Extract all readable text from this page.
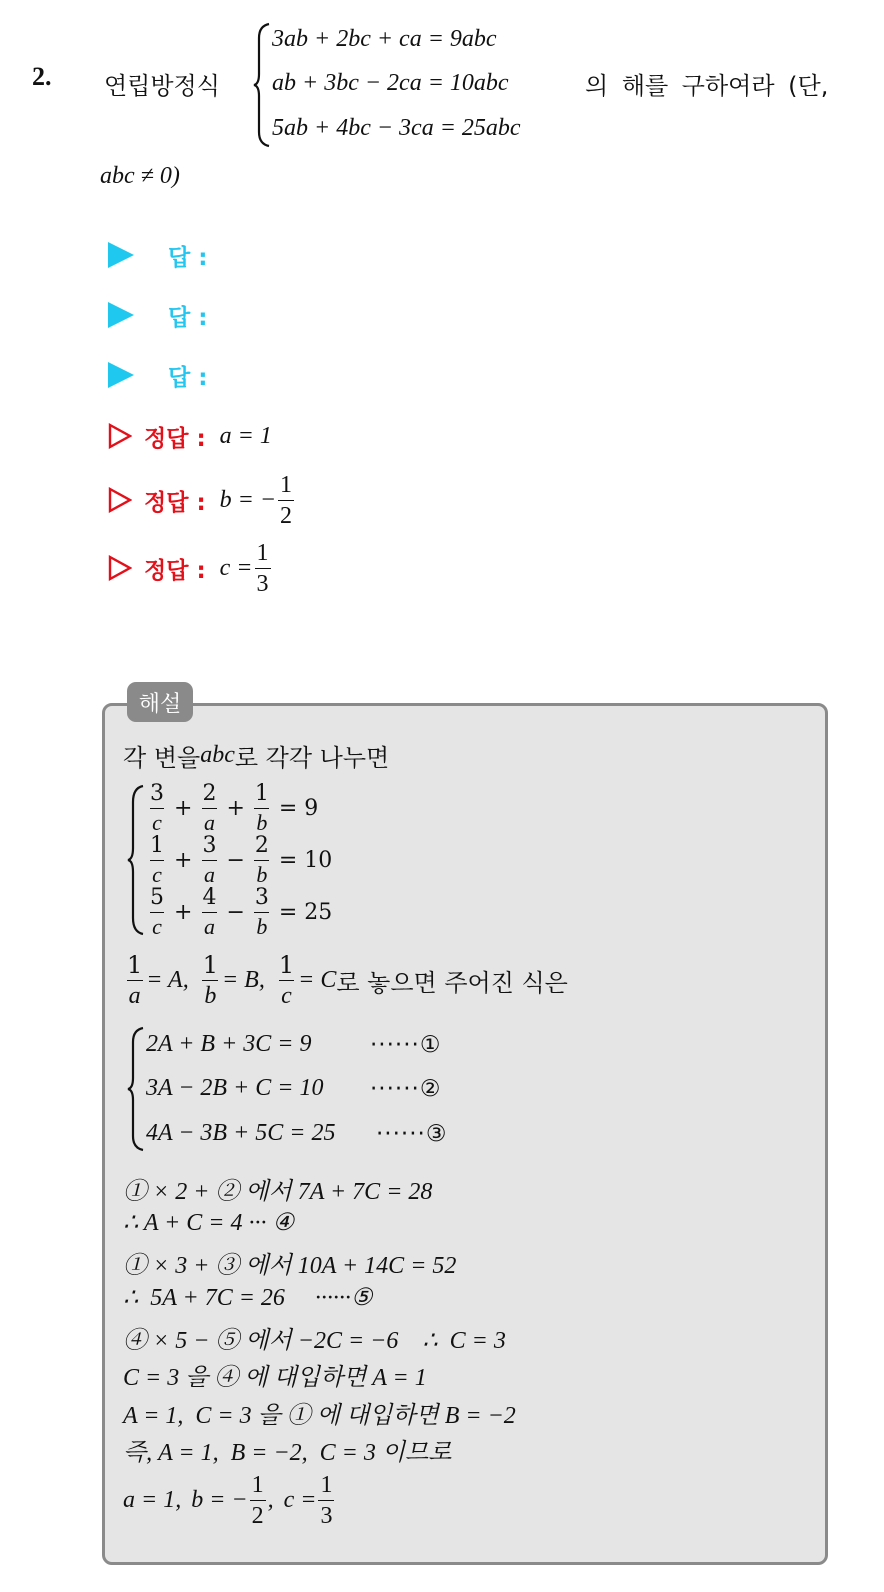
2. 연립방정식
3ab + 2bc + ca = 9abc
ab + 3bc − 2ca = 10abc
5ab + 4bc − 3ca = 25abc
의 해를 구하여라 (단,
abc ≠ 0)
답 :
답 :
답 :
정답 : a = 1
정답 : b = − $\frac{1}{2}$
정답 : $c = \frac{1}{3}$
해설
각 변을 abc 로 각각 나누면
$\frac{3}{c} + \frac{2}{a} + \frac{1}{b} = 9$
$\frac{1}{c} + \frac{3}{a} - \frac{2}{b} = 10$
$\frac{5}{c} + \frac{4}{a} - \frac{3}{b} = 25$
$\frac{1}{a} = A$, $\frac{1}{b} = B$, $\frac{1}{c} = C$ 로 놓으면 주어진 식은
2A + B + 3C = 9	······①
3A − 2B + C = 10	······②
4A − 3B + 5C = 25	······③
① × 2 + ② 에서 7A + 7C = 28
∴ A + C = 4 ··· ④
① × 3 + ③ 에서 10A + 14C = 52
∴  5A + 7C = 26     ······⑤
④ × 5 − ⑤ 에서 −2C = −6    ∴  C = 3
C = 3 을 ④ 에 대입하면 A = 1
A = 1,  C = 3 을 ① 에 대입하면 B = −2
즉, A = 1,  B = −2,  C = 3 이므로
a = 1, b = − $\frac{1}{2}$ , $c = \frac{1}{3}$
